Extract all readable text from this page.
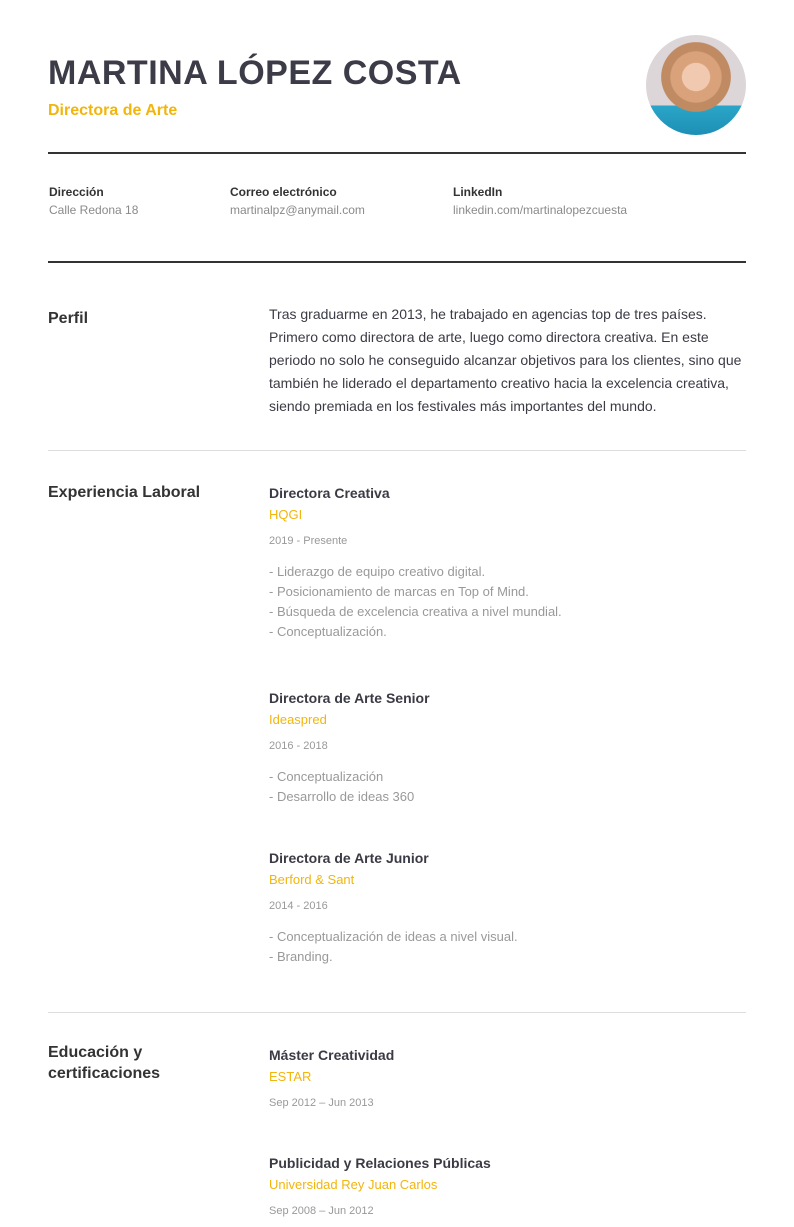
MARTINA LÓPEZ COSTA
Directora de Arte
Dirección
Calle Redona 18
Correo electrónico
martinalpz@anymail.com
LinkedIn
linkedin.com/martinalopezcuesta
Perfil	Tras graduarme en 2013, he trabajado en agencias top de tres países. Primero como directora de arte, luego como directora creativa. En este periodo no solo he conseguido alcanzar objetivos para los clientes, sino que también he liderado el departamento creativo hacia la excelencia creativa, siendo premiada en los festivales más importantes del mundo.
Experiencia Laboral	Directora Creativa
HQGI
2019 - Presente
- Liderazgo de equipo creativo digital.
- Posicionamiento de marcas en Top of Mind.
- Búsqueda de excelencia creativa a nivel mundial.
- Conceptualización.
Directora de Arte Senior
Ideaspred
2016 - 2018
- Conceptualización
- Desarrollo de ideas 360
Directora de Arte Junior
Berford & Sant
2014 - 2016
- Conceptualización de ideas a nivel visual.
- Branding.
Educación y
certificaciones
Máster Creatividad
ESTAR
Sep 2012 – Jun 2013
Publicidad y Relaciones Públicas
Universidad Rey Juan Carlos
Sep 2008 – Jun 2012
